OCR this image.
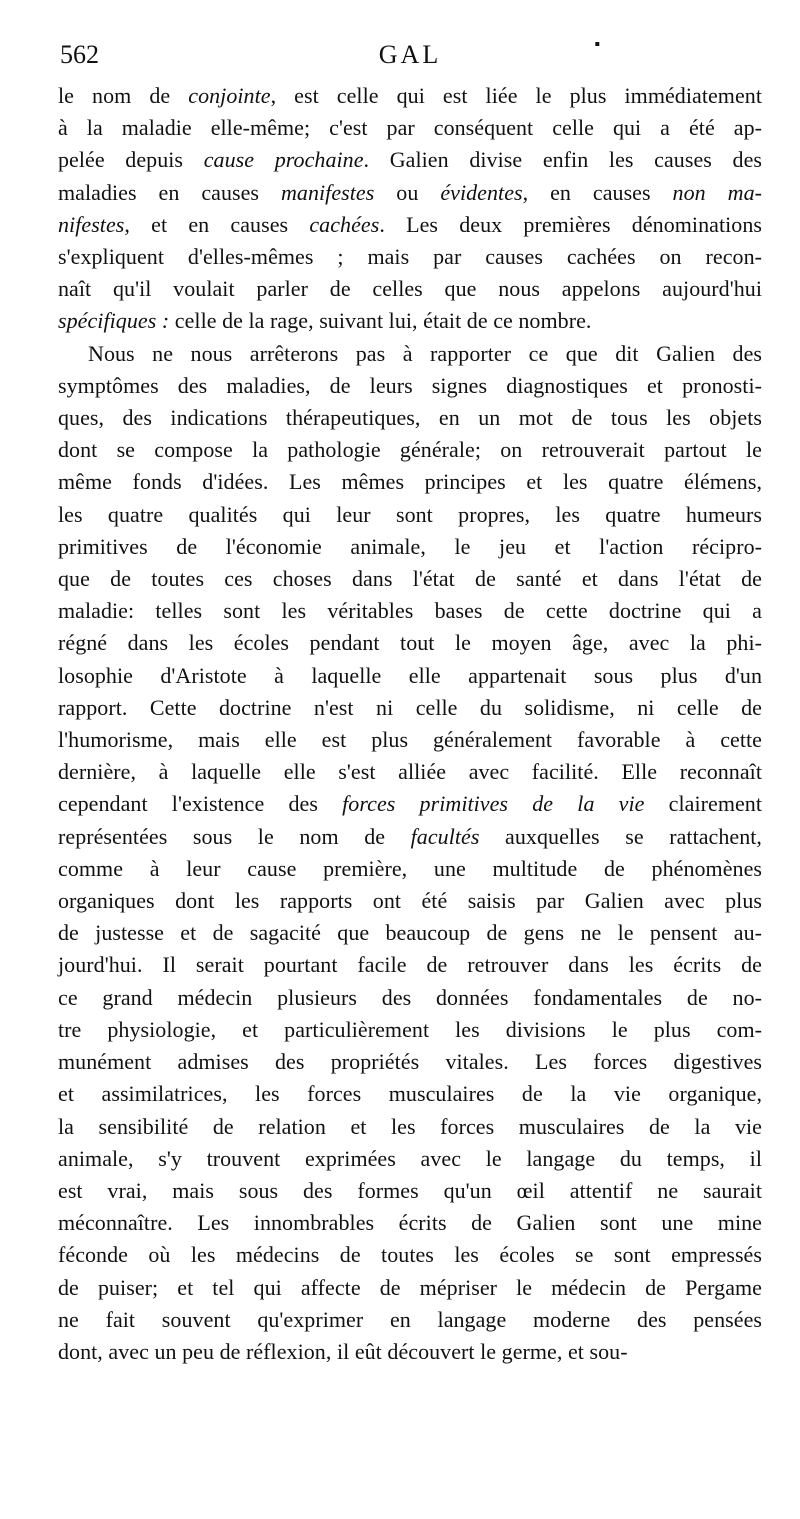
562	GAL	▪
le nom de conjointe, est celle qui est liée le plus immédiatement
à la maladie elle-même; c'est par conséquent celle qui a été ap-
pelée depuis cause prochaine. Galien divise enfin les causes des
maladies en causes manifestes ou évidentes, en causes non ma-
nifestes, et en causes cachées. Les deux premières dénominations
s'expliquent d'elles-mêmes ; mais par causes cachées on recon-
naît qu'il voulait parler de celles que nous appelons aujourd'hui
spécifiques : celle de la rage, suivant lui, était de ce nombre.
Nous ne nous arrêterons pas à rapporter ce que dit Galien des
symptômes des maladies, de leurs signes diagnostiques et pronosti-
ques, des indications thérapeutiques, en un mot de tous les objets
dont se compose la pathologie générale; on retrouverait partout le
même fonds d'idées. Les mêmes principes et les quatre élémens,
les quatre qualités qui leur sont propres, les quatre humeurs
primitives de l'économie animale, le jeu et l'action récipro-
que de toutes ces choses dans l'état de santé et dans l'état de
maladie: telles sont les véritables bases de cette doctrine qui a
régné dans les écoles pendant tout le moyen âge, avec la phi-
losophie d'Aristote à laquelle elle appartenait sous plus d'un
rapport. Cette doctrine n'est ni celle du solidisme, ni celle de
l'humorisme, mais elle est plus généralement favorable à cette
dernière, à laquelle elle s'est alliée avec facilité. Elle reconnaît
cependant l'existence des forces primitives de la vie clairement
représentées sous le nom de facultés auxquelles se rattachent,
comme à leur cause première, une multitude de phénomènes
organiques dont les rapports ont été saisis par Galien avec plus
de justesse et de sagacité que beaucoup de gens ne le pensent au-
jourd'hui. Il serait pourtant facile de retrouver dans les écrits de
ce grand médecin plusieurs des données fondamentales de no-
tre physiologie, et particulièrement les divisions le plus com-
munément admises des propriétés vitales. Les forces digestives
et assimilatrices, les forces musculaires de la vie organique,
la sensibilité de relation et les forces musculaires de la vie
animale, s'y trouvent exprimées avec le langage du temps, il
est vrai, mais sous des formes qu'un œil attentif ne saurait
méconnaître. Les innombrables écrits de Galien sont une mine
féconde où les médecins de toutes les écoles se sont empressés
de puiser; et tel qui affecte de mépriser le médecin de Pergame
ne fait souvent qu'exprimer en langage moderne des pensées
dont, avec un peu de réflexion, il eût découvert le germe, et sou-
